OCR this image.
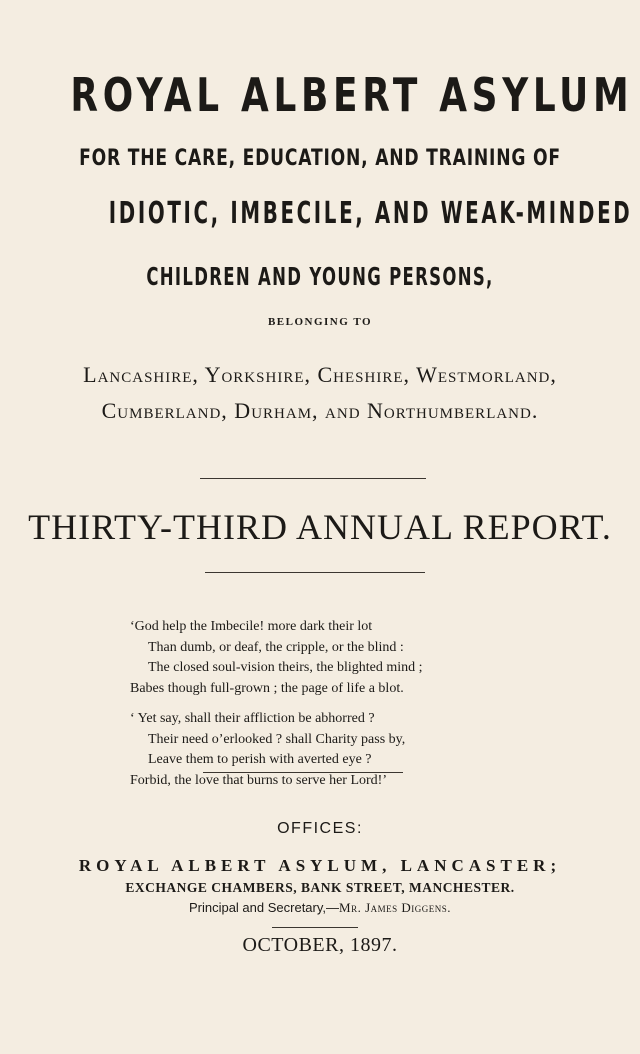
ROYAL ALBERT ASYLUM

FOR THE CARE, EDUCATION, AND TRAINING OF

IDIOTIC, IMBECILE, AND WEAK-MINDED

CHILDREN AND YOUNG PERSONS,

BELONGING TO

Lancashire, Yorkshire, Cheshire, Westmorland,

Cumberland, Durham, and Northumberland.

THIRTY-THIRD ANNUAL REPORT.

‘God help the Imbecile! more dark their lot
Than dumb, or deaf, the cripple, or the blind :
The closed soul-vision theirs, the blighted mind ;
Babes though full-grown ; the page of life a blot.
‘ Yet say, shall their affliction be abhorred ?
Their need o’erlooked ? shall Charity pass by,
Leave them to perish with averted eye ?
Forbid, the love that burns to serve her Lord!’

OFFICES:

ROYAL ALBERT ASYLUM, LANCASTER;

EXCHANGE CHAMBERS, BANK STREET, MANCHESTER.

Principal and Secretary,—Mr. James Diggens.

OCTOBER, 1897.
